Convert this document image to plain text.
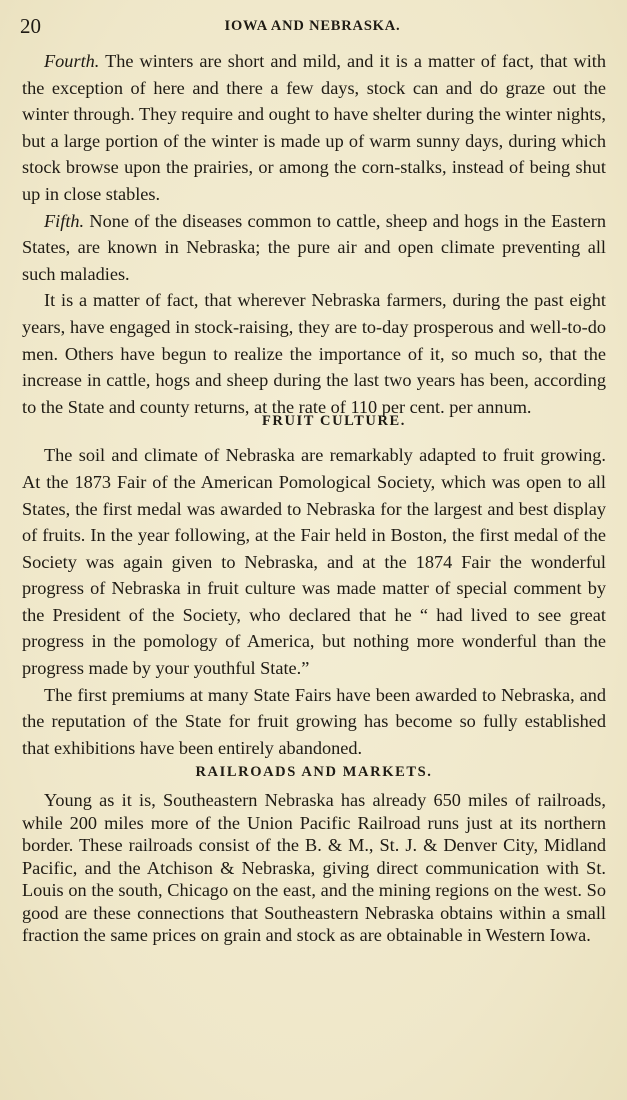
20	IOWA AND NEBRASKA.

Fourth. The winters are short and mild, and it is a matter of fact, that with the exception of here and there a few days, stock can and do graze out the winter through. They require and ought to have shelter during the winter nights, but a large portion of the winter is made up of warm sunny days, during which stock browse upon the prairies, or among the corn-stalks, instead of being shut up in close stables.

Fifth. None of the diseases common to cattle, sheep and hogs in the Eastern States, are known in Nebraska; the pure air and open climate preventing all such maladies.

It is a matter of fact, that wherever Nebraska farmers, during the past eight years, have engaged in stock-raising, they are to-day prosperous and well-to-do men. Others have begun to realize the importance of it, so much so, that the increase in cattle, hogs and sheep during the last two years has been, according to the State and county returns, at the rate of 110 per cent. per annum.

FRUIT CULTURE.

The soil and climate of Nebraska are remarkably adapted to fruit growing. At the 1873 Fair of the American Pomological Society, which was open to all States, the first medal was awarded to Nebraska for the largest and best display of fruits. In the year following, at the Fair held in Boston, the first medal of the Society was again given to Nebraska, and at the 1874 Fair the wonderful progress of Nebraska in fruit culture was made matter of special comment by the President of the Society, who declared that he “ had lived to see great progress in the pomology of America, but nothing more wonderful than the progress made by your youthful State.”

The first premiums at many State Fairs have been awarded to Nebraska, and the reputation of the State for fruit growing has become so fully established that exhibitions have been entirely abandoned.

RAILROADS AND MARKETS.

Young as it is, Southeastern Nebraska has already 650 miles of railroads, while 200 miles more of the Union Pacific Railroad runs just at its northern border. These railroads consist of the B. & M., St. J. & Denver City, Midland Pacific, and the Atchison & Nebraska, giving direct communication with St. Louis on the south, Chicago on the east, and the mining regions on the west. So good are these connections that Southeastern Nebraska obtains within a small fraction the same prices on grain and stock as are obtainable in Western Iowa.
